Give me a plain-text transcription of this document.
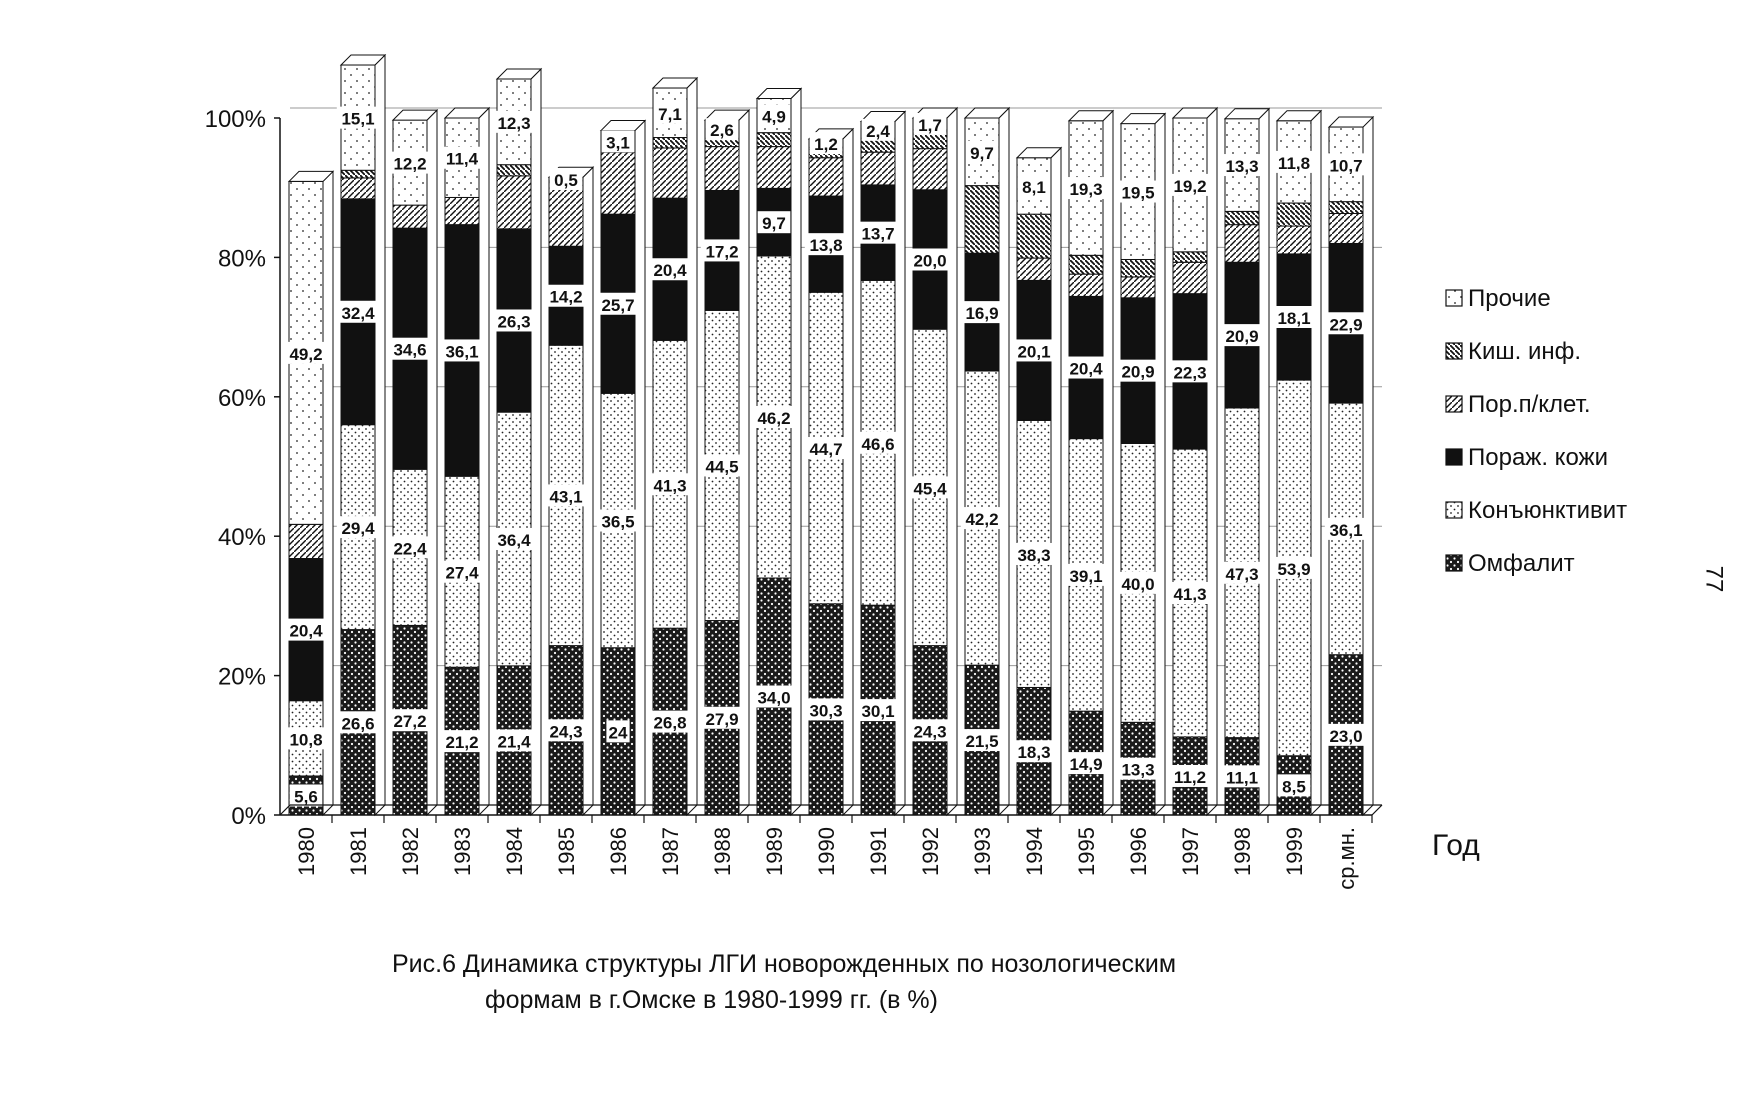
5,6
10,8
20,4
49,2
26,6
29,4
32,4
15,1
27,2
22,4
34,6
12,2
21,2
27,4
36,1
11,4
21,4
36,4
26,3
12,3
24,3
43,1
14,2
0,5
24
36,5
25,7
3,1
26,8
41,3
20,4
7,1
27,9
44,5
17,2
2,6
34,0
46,2
9,7
4,9
30,3
44,7
13,8
1,2
30,1
46,6
13,7
2,4
24,3
45,4
20,0
1,7
21,5
42,2
16,9
9,7
18,3
38,3
20,1
8,1
14,9
39,1
20,4
19,3
13,3
40,0
20,9
19,5
11,2
41,3
22,3
19,2
11,1
47,3
20,9
13,3
8,5
53,9
18,1
11,8
23,0
36,1
22,9
10,7
0%
20%
40%
60%
80%
100%
1980 1981 1982 1983 1984 1985 1986 1987 1988 1989 1990 1991 1992 1993 1994 1995 1996 1997 1998 1999 ср.мн. Год
Прочие
Киш. инф.
Пор.п/клет.
Пораж. кожи
Конъюнктивит
Омфалит
Рис.6 Динамика структуры ЛГИ новорожденных по нозологическим
формам в г.Омске в 1980-1999 гг. (в %)
77
